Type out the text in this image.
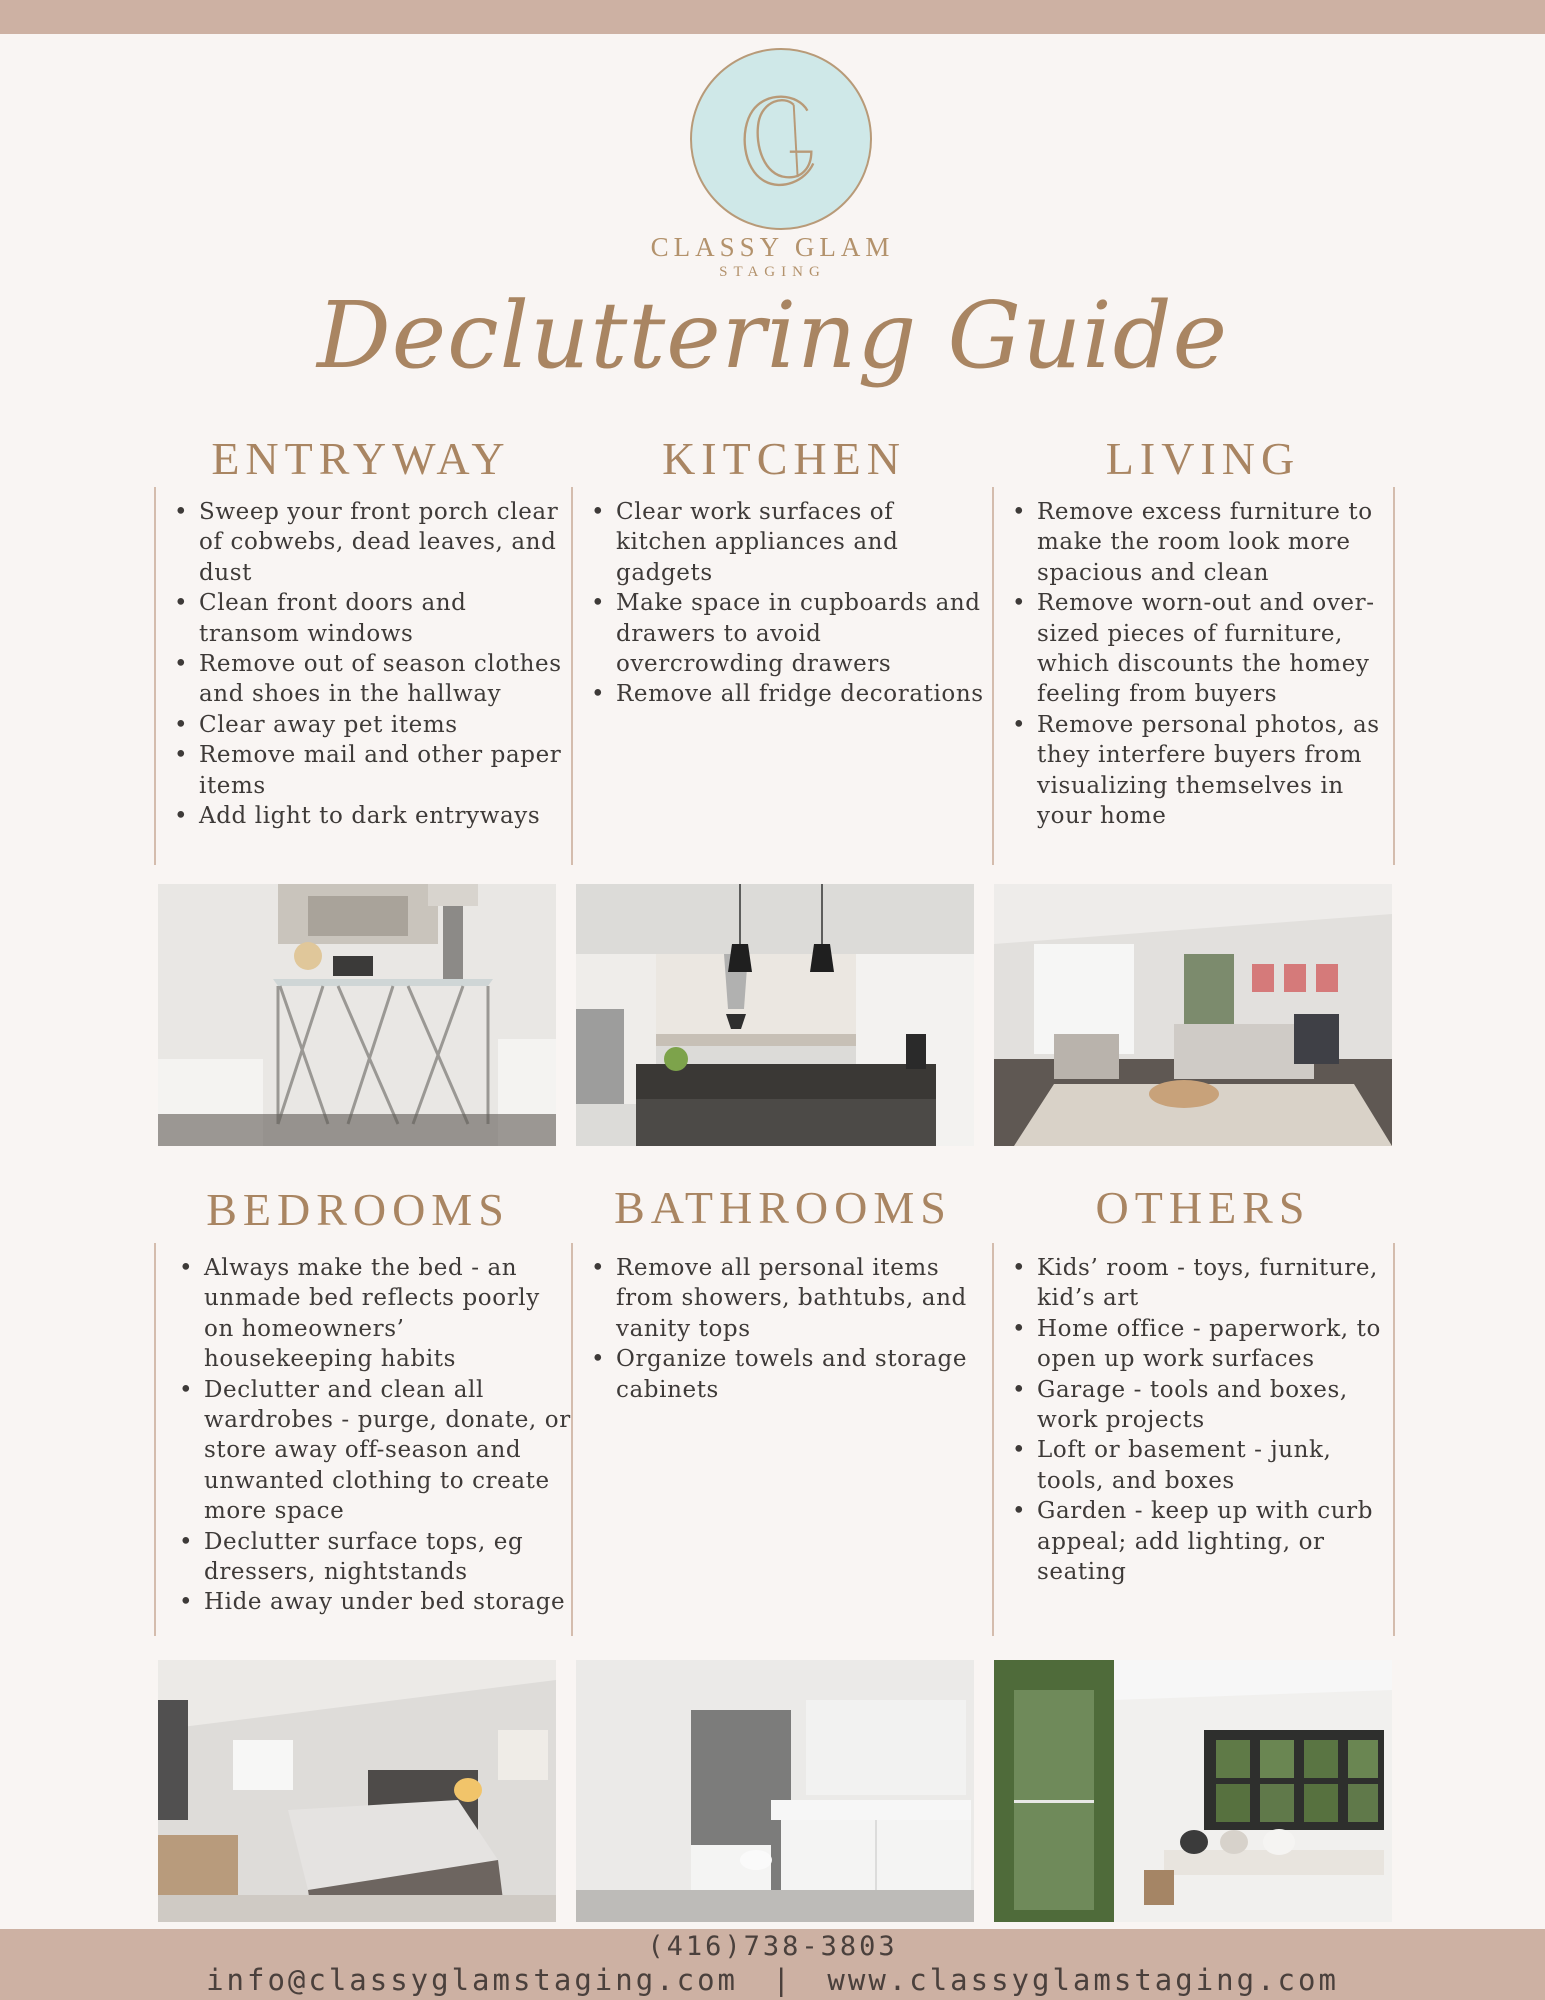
CLASSY GLAM
STAGING
Decluttering Guide
ENTRYWAY	KITCHEN	LIVING
• Sweep your front porch clear of cobwebs, dead leaves, and dust
• Clean front doors and transom windows
• Remove out of season clothes and shoes in the hallway
• Clear away pet items
• Remove mail and other paper items
• Add light to dark entryways
• Clear work surfaces of kitchen appliances and gadgets
• Make space in cupboards and drawers to avoid overcrowding drawers
• Remove all fridge decorations
• Remove excess furniture to make the room look more spacious and clean
• Remove worn-out and over-sized pieces of furniture, which discounts the homey feeling from buyers
• Remove personal photos, as they interfere buyers from visualizing themselves in your home
BEDROOMS	BATHROOMS	OTHERS
• Always make the bed - an unmade bed reflects poorly on homeowners’ housekeeping habits
• Declutter and clean all wardrobes - purge, donate, or store away off-season and unwanted clothing to create more space
• Declutter surface tops, eg dressers, nightstands
• Hide away under bed storage
• Remove all personal items from showers, bathtubs, and vanity tops
• Organize towels and storage cabinets
• Kids’ room - toys, furniture, kid’s art
• Home office - paperwork, to open up work surfaces
• Garage - tools and boxes, work projects
• Loft or basement - junk, tools, and boxes
• Garden - keep up with curb appeal; add lighting, or seating
(416)738-3803
info@classyglamstaging.com | www.classyglamstaging.com
